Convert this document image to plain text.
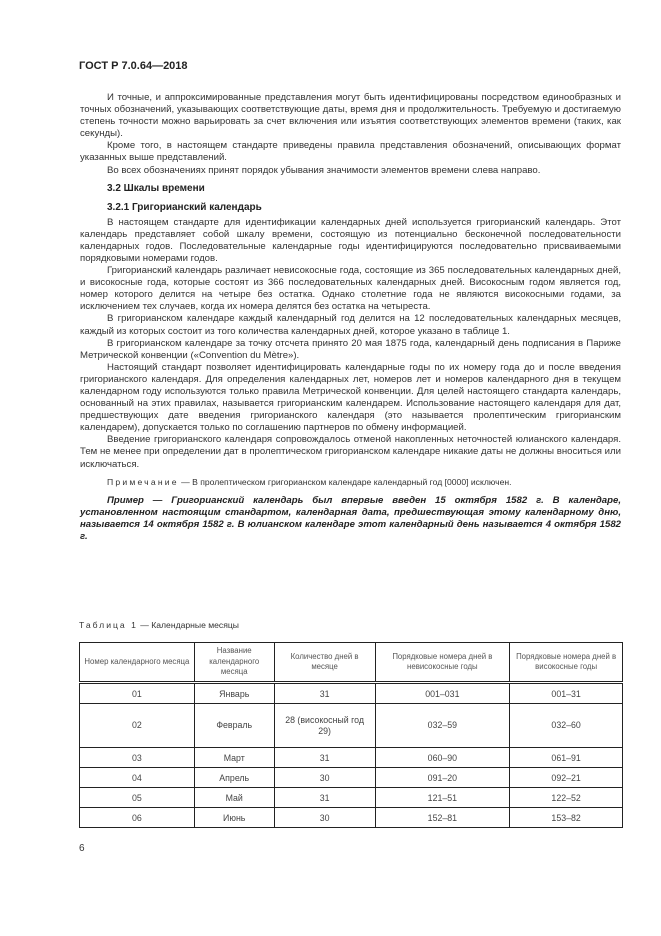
ГОСТ Р 7.0.64—2018

И точные, и аппроксимированные представления могут быть идентифицированы посредством единообразных и точных обозначений, указывающих соответствующие даты, время дня и продолжительность. Требуемую и достигаемую степень точности можно варьировать за счет включения или изъятия соответствующих элементов времени (таких, как секунды).

Кроме того, в настоящем стандарте приведены правила представления обозначений, описывающих формат указанных выше представлений.

Во всех обозначениях принят порядок убывания значимости элементов времени слева направо.

3.2 Шкалы времени
3.2.1 Григорианский календарь

В настоящем стандарте для идентификации календарных дней используется григорианский календарь. Этот календарь представляет собой шкалу времени, состоящую из потенциально бесконечной последовательности календарных годов. Последовательные календарные годы идентифицируются последовательно присваиваемыми порядковыми номерами годов.

Григорианский календарь различает невисокосные года, состоящие из 365 последовательных календарных дней, и високосные года, которые состоят из 366 последовательных календарных дней. Високосным годом является год, номер которого делится на четыре без остатка. Однако столетние года не являются високосными годами, за исключением тех случаев, когда их номера делятся без остатка на четыреста.

В григорианском календаре каждый календарный год делится на 12 последовательных календарных месяцев, каждый из которых состоит из того количества календарных дней, которое указано в таблице 1.

В григорианском календаре за точку отсчета принято 20 мая 1875 года, календарный день подписания в Париже Метрической конвенции («Convention du Mètre»).

Настоящий стандарт позволяет идентифицировать календарные годы по их номеру года до и после введения григорианского календаря. Для определения календарных лет, номеров лет и номеров календарного дня в текущем календарном году используются только правила Метрической конвенции. Для целей настоящего стандарта календарь, основанный на этих правилах, называется григорианским календарем. Использование настоящего календаря для дат, предшествующих дате введения григорианского календаря (это называется пролептическим григорианским календарем), допускается только по соглашению партнеров по обмену информацией.

Введение григорианского календаря сопровождалось отменой накопленных неточностей юлианского календаря. Тем не менее при определении дат в пролептическом григорианском календаре никакие даты не должны вноситься или исключаться.

Примечание — В пролептическом григорианском календаре календарный год [0000] исключен.

Пример — Григорианский календарь был впервые введен 15 октября 1582 г. В календаре, установленном настоящим стандартом, календарная дата, предшествующая этому календарному дню, называется 14 октября 1582 г. В юлианском календаре этот календарный день называется 4 октября 1582 г.

Таблица 1 — Календарные месяцы
Номер календарного месяца	Название календарного месяца	Количество дней в месяце	Порядковые номера дней в невисокосные годы	Порядковые номера дней в високосные годы
01	Январь	31	001–031	001–31
02	Февраль	28 (високосный год 29)	032–59	032–60
03	Март	31	060–90	061–91
04	Апрель	30	091–20	092–21
05	Май	31	121–51	122–52
06	Июнь	30	152–81	153–82
6
